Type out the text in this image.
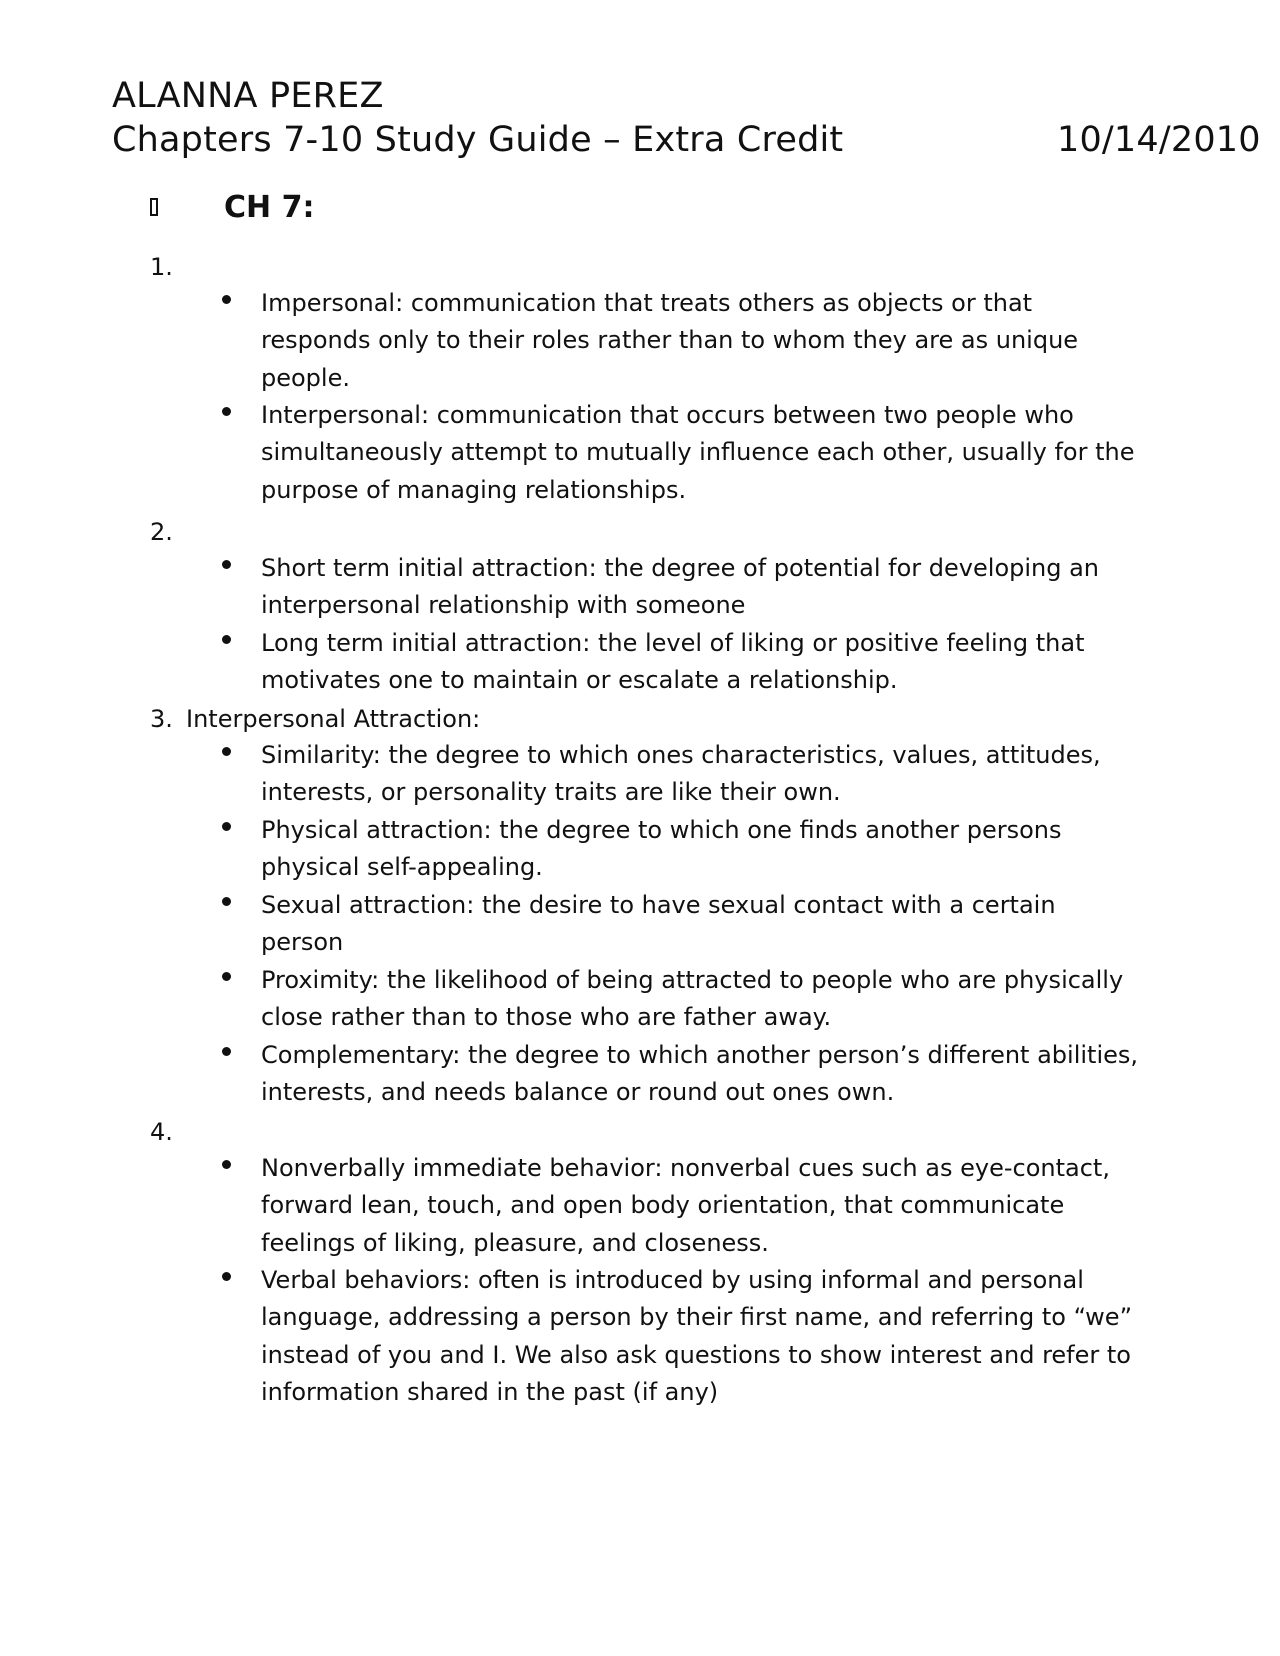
ALANNA PEREZ
Chapters 7-10 Study Guide – Extra Credit	10/14/2010
CH 7:
1.

Impersonal: communication that treats others as objects or that responds only to their roles rather than to whom they are as unique people.

Interpersonal: communication that occurs between two people who simultaneously attempt to mutually influence each other, usually for the purpose of managing relationships.

2.

Short term initial attraction: the degree of potential for developing an interpersonal relationship with someone

Long term initial attraction: the level of liking or positive feeling that motivates one to maintain or escalate a relationship.

3. Interpersonal Attraction:

Similarity: the degree to which ones characteristics, values, attitudes, interests, or personality traits are like their own.

Physical attraction: the degree to which one finds another persons physical self-appealing.

Sexual attraction: the desire to have sexual contact with a certain person

Proximity: the likelihood of being attracted to people who are physically close rather than to those who are father away.

Complementary: the degree to which another person’s different abilities, interests, and needs balance or round out ones own.

4.

Nonverbally immediate behavior: nonverbal cues such as eye-contact, forward lean, touch, and open body orientation, that communicate feelings of liking, pleasure, and closeness.

Verbal behaviors: often is introduced by using informal and personal language, addressing a person by their first name, and referring to “we” instead of you and I. We also ask questions to show interest and refer to information shared in the past (if any)
